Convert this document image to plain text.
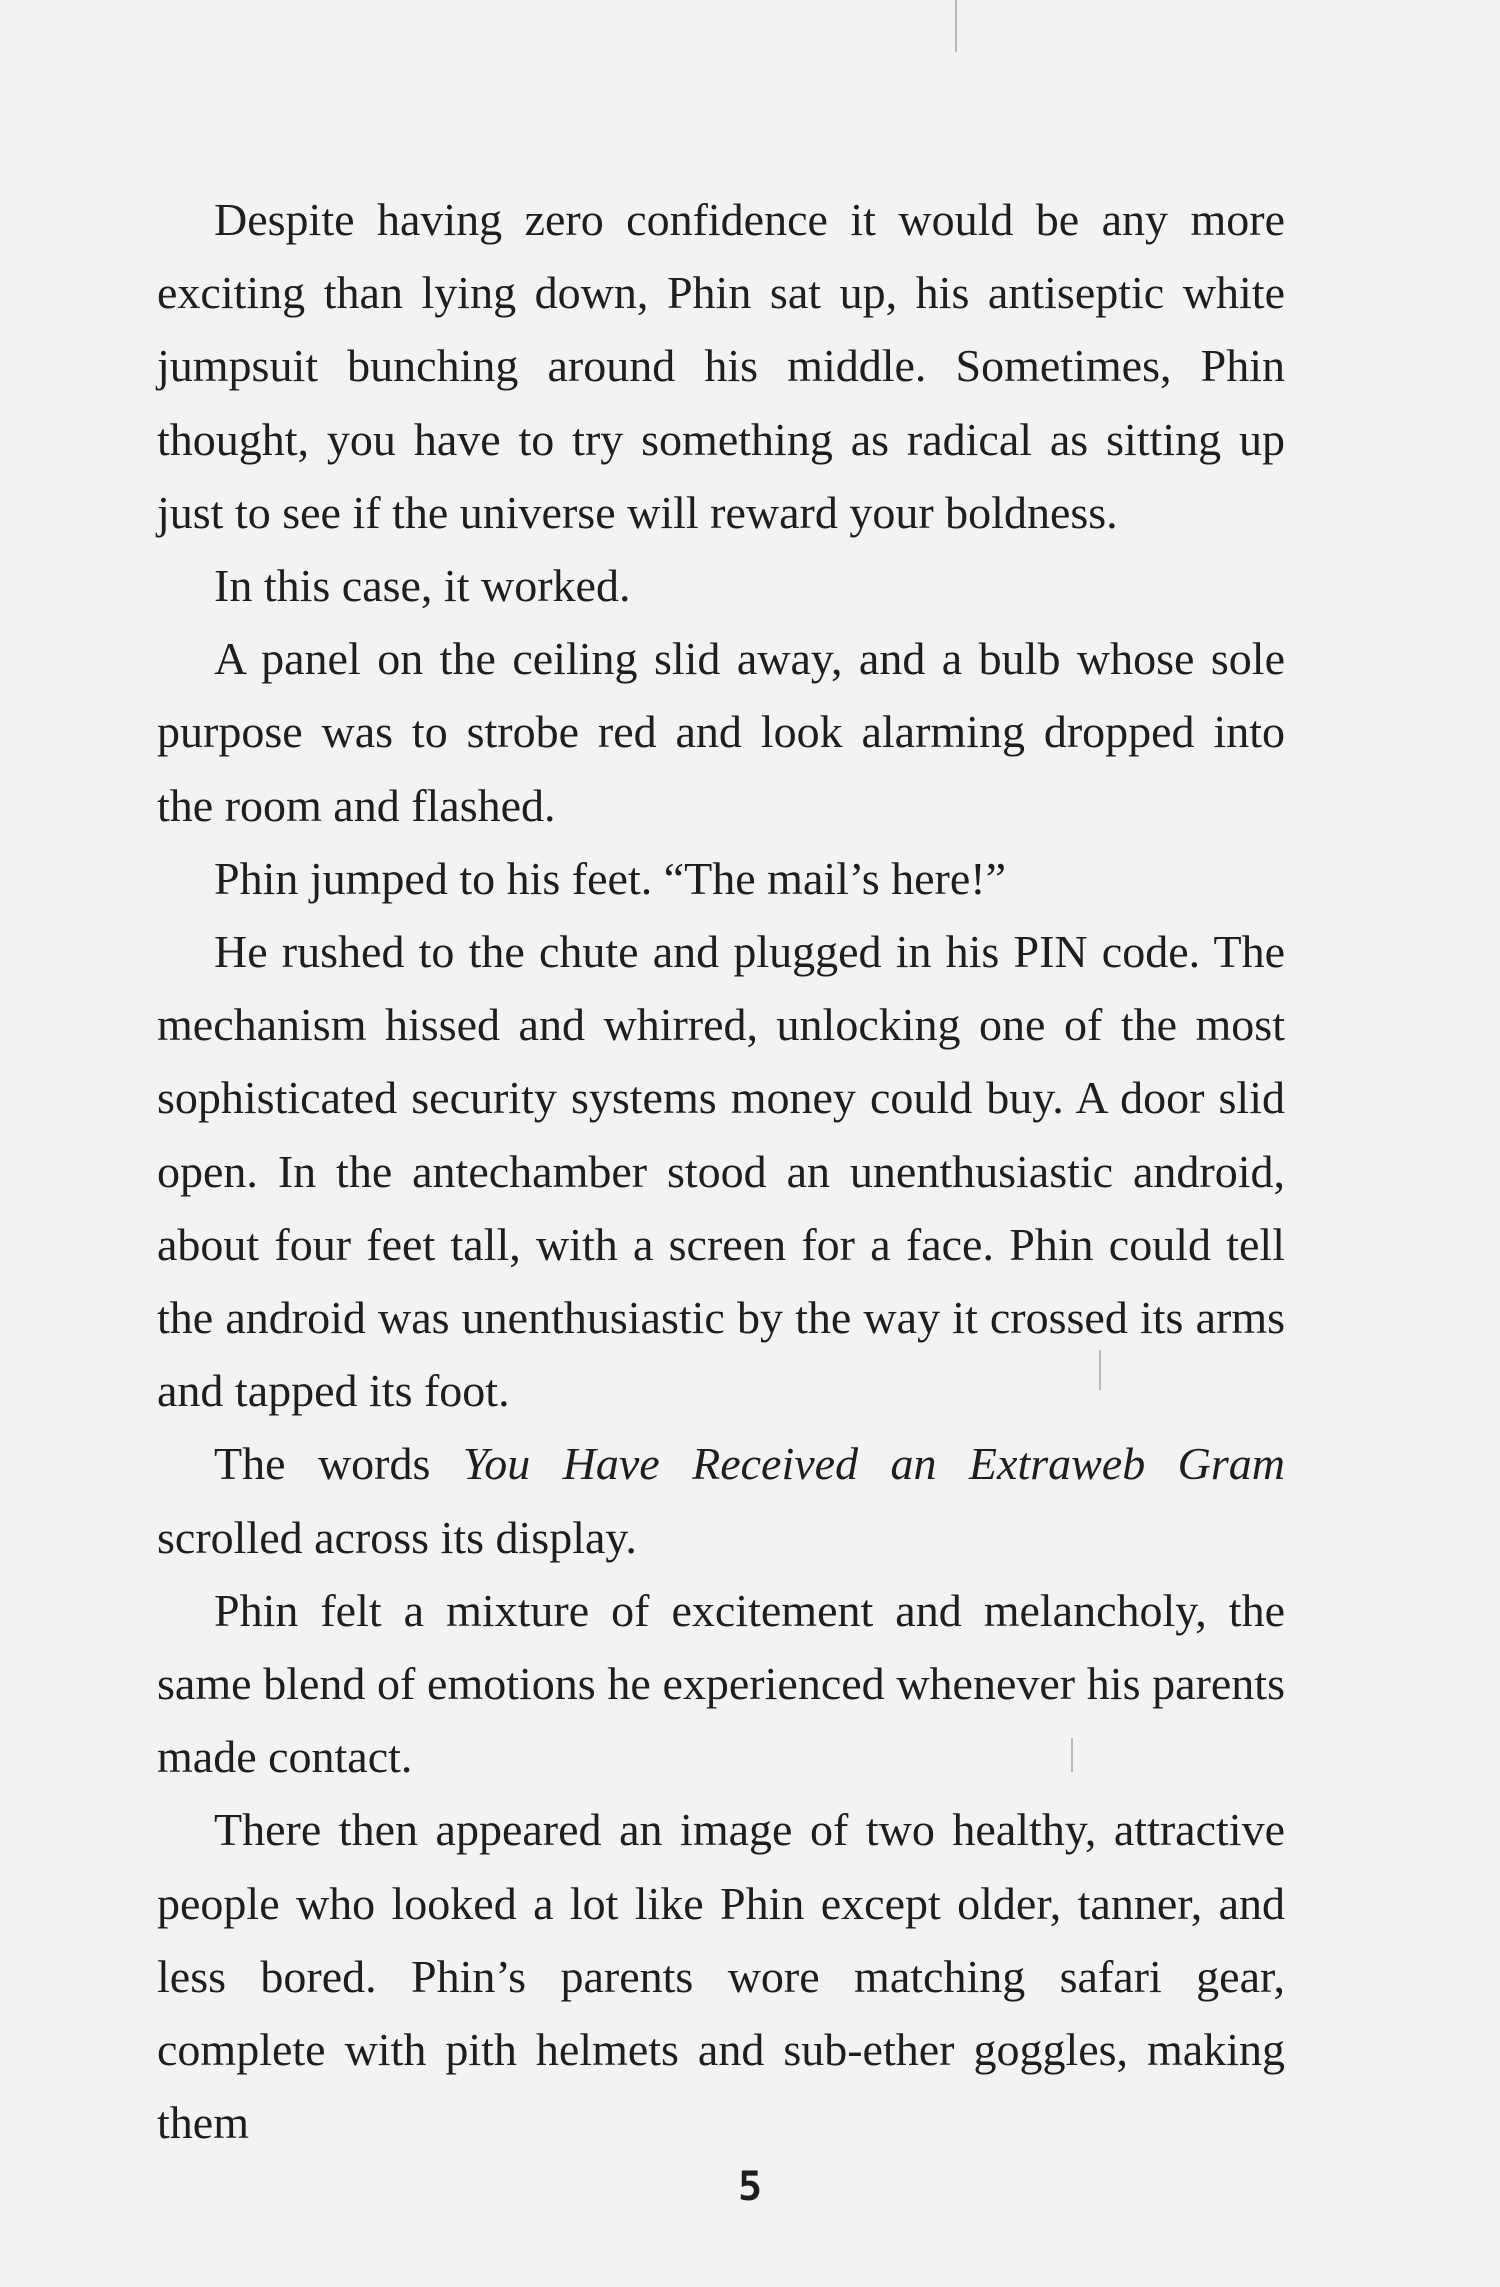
Despite having zero confidence it would be any more exciting than lying down, Phin sat up, his antiseptic white jumpsuit bunching around his middle. Sometimes, Phin thought, you have to try something as radical as sitting up just to see if the universe will reward your boldness.

In this case, it worked.

A panel on the ceiling slid away, and a bulb whose sole purpose was to strobe red and look alarming dropped into the room and flashed.

Phin jumped to his feet. “The mail’s here!”

He rushed to the chute and plugged in his PIN code. The mechanism hissed and whirred, unlocking one of the most sophisticated security systems money could buy. A door slid open. In the antechamber stood an unenthusiastic android, about four feet tall, with a screen for a face. Phin could tell the android was unenthusiastic by the way it crossed its arms and tapped its foot.

The words You Have Received an Extraweb Gram scrolled across its display.

Phin felt a mixture of excitement and melancholy, the same blend of emotions he experienced whenever his parents made contact.

There then appeared an image of two healthy, attractive people who looked a lot like Phin except older, tanner, and less bored. Phin’s parents wore matching safari gear, complete with pith helmets and sub-ether goggles, making them

5
